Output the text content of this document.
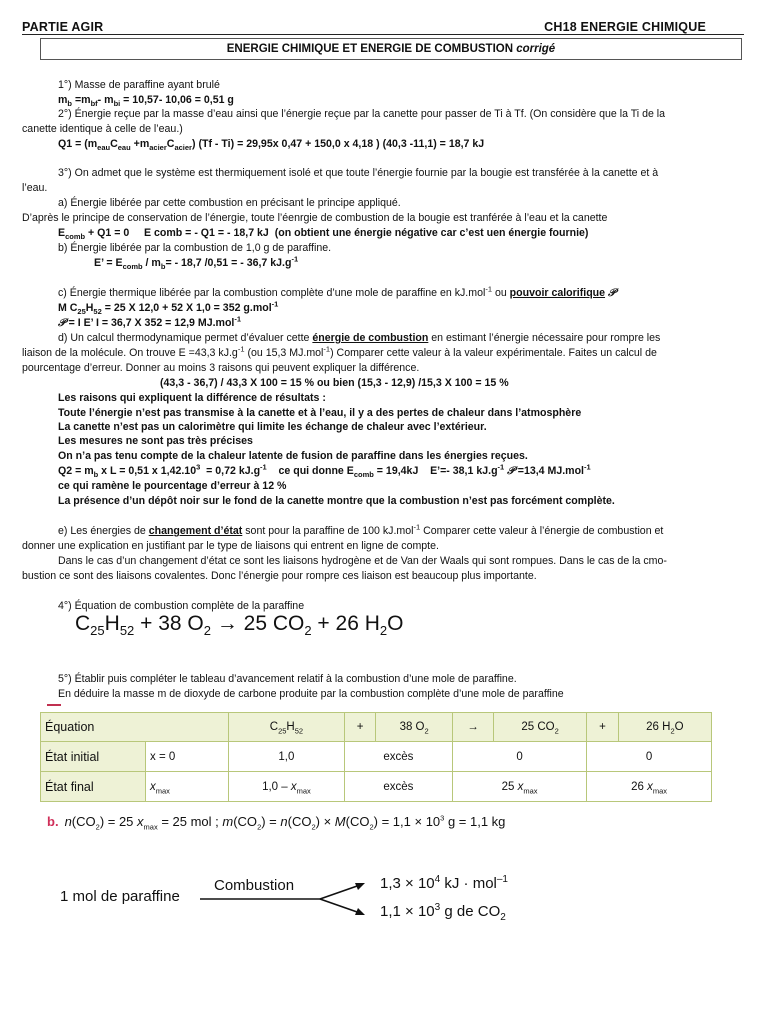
PARTIE AGIR	CH18 ENERGIE CHIMIQUE
ENERGIE CHIMIQUE ET ENERGIE DE COMBUSTION corrigé
1°) Masse de paraffine ayant brulé
$m_b =m_{bf}-$ $m_{bi} = 10,57-$ 10,06 = 0,51 g
2°) Énergie reçue par la masse d’eau ainsi que l’énergie reçue par la canette pour passer de Ti à Tf. (On considère que la Ti de la
canette identique à celle de l’eau.)
$Q1 = (m_{eau}C_{eau} +m_{acier}C_{acier})$ (Tf - Ti) = 29,95x 0,47 + 150,0 x 4,18 ) (40,3 -11,1) = 18,7 kJ
3°) On admet que le système est thermiquement isolé et que toute l’énergie fournie par la bougie est transférée à la canette et à
l’eau.
a) Énergie libérée par cette combustion en précisant le principe appliqué.
D’après le principe de conservation de l’énergie, toute l’éenrgie de combustion de la bougie est tranférée à l’eau et la canette
$E_{comb} + Q1 = 0$     E comb = - Q1 = - 18,7 kJ  (on obtient une énergie négative car c’est uen énergie fournie)
b) Énergie libérée par la combustion de 1,0 g de paraffine.
E’ = $E_{comb} / m_b= - 18,7$ /0,51 = - 36,7 $kJ.g^{-1}$
c) Énergie thermique libérée par la combustion complète d’une mole de paraffine en kJ.mol$^{-1}$ ou pouvoir calorifique 𝒫
M $C_{25}H_{52} = 25$ X 12,0 + 52 X 1,0 = 352 g.mol$^{-1}$
𝒫 = I E’ I = 36,7 X 352 = 12,9 MJ.mol$^{-1}$
d) Un calcul thermodynamique permet d’évaluer cette énergie de combustion en estimant l’énergie nécessaire pour rompre les
liaison de la molécule. On trouve E =43,3 $kJ.g^{-1}$ (ou 15,3 MJ.mol$^{-1}$) Comparer cette valeur à la valeur expérimentale. Faites un calcul de
pourcentage d’erreur. Donner au moins 3 raisons qui peuvent expliquer la différence.
(43,3 - 36,7) / 43,3 X 100 = 15 % ou bien (15,3 - 12,9) /15,3 X 100 = 15 %
Les raisons qui expliquent la différence de résultats :
Toute l’énergie n’est pas transmise à la canette et à l’eau, il y a des pertes de chaleur dans l’atmosphère
La canette n’est pas un calorimètre qui limite les échange de chaleur avec l’extérieur.
Les mesures ne sont pas très précises
On n’a pas tenu compte de la chaleur latente de fusion de paraffine dans les énergies reçues.
$Q2 = m_b$ x L = 0,51 x 1,42.10$^3$  = 0,72 $kJ.g^{-1}$    ce qui donne $E_{comb} = 19,4kJ$    E’=- 38,1 $kJ.g^{-1}$ 𝒫 =13,4 MJ.mol$^{-1}$
ce qui ramène le pourcentage d’erreur à 12 %
La présence d’un dépôt noir sur le fond de la canette montre que la combustion n’est pas forcément complète.
e) Les énergies de changement d’état sont pour la paraffine de 100 kJ.mol$^{-1}$ Comparer cette valeur à l’énergie de combustion et
donner une explication en justifiant par le type de liaisons qui entrent en ligne de compte.
Dans le cas d’un changement d’état ce sont les liaisons hydrogène et de Van der Waals qui sont rompues. Dans le cas de la cmo-
bustion ce sont des liaisons covalentes. Donc l’énergie pour rompre ces liaison est beaucoup plus importante.
4°) Équation de combustion complète de la paraffine
$C_{25}H_{52} + 38$ $O_2 \to 25$ $CO_2 + 26$ $H_2O$
5°) Établir puis compléter le tableau d’avancement relatif à la combustion d’une mole de paraffine.
En déduire la masse m de dioxyde de carbone produite par la combustion complète d’une mole de paraffine
Équation		$C_{25}H_{52}$	+	38 $O_2$	→	25 $CO_2$	+	26 $H_2O$
État initial	x = 0	1,0	excès		0		0	
État final	$x_{max}$	$1,0 - x_{max}$	excès		25 $x_{max}$		26 $x_{max}$
b. $n(CO_2) = 25$ $x_{max} = 25$ mol ; $m(CO_2) = n(CO_2) \times M(CO_2) = 1,1 \times 10^3$ g = 1,1 kg
1 mol de paraffine
Combustion	$1,3 \times 10^4$ kJ · mol$^{-1}$
$1,1 \times 10^3$ g de $CO_2$
